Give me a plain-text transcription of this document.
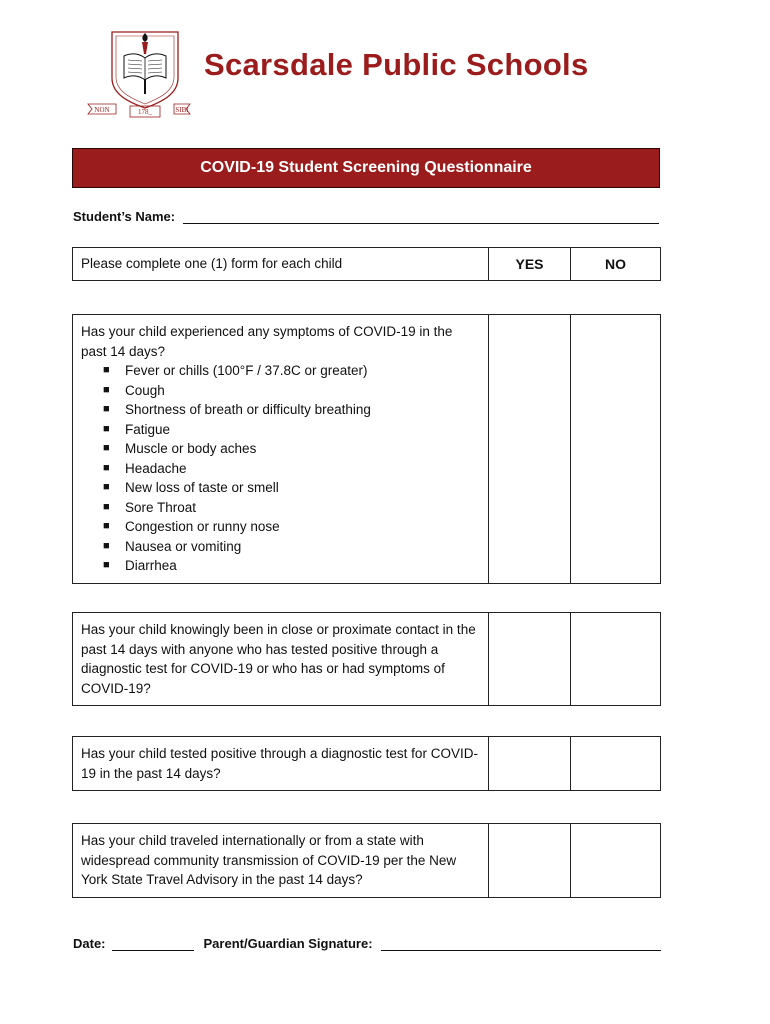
NON	SIBI
178_
Scarsdale Public Schools
COVID-19 Student Screening Questionnaire
Student’s Name:
Please complete one (1) form for each child	YES	NO
Has your child experienced any symptoms of COVID-19 in the past 14 days?
■ Fever or chills (100°F / 37.8C or greater)
■ Cough
■ Shortness of breath or difficulty breathing
■ Fatigue
■ Muscle or body aches
■ Headache
■ New loss of taste or smell
■ Sore Throat
■ Congestion or runny nose
■ Nausea or vomiting
■ Diarrhea

Has your child knowingly been in close or proximate contact in the past 14 days with anyone who has tested positive through a diagnostic test for COVID-19 or who has or had symptoms of COVID-19?		
Has your child tested positive through a diagnostic test for COVID-19 in the past 14 days?		
Has your child traveled internationally or from a state with widespread community transmission of COVID-19 per the New York State Travel Advisory in the past 14 days?		
Date:	Parent/Guardian Signature:
